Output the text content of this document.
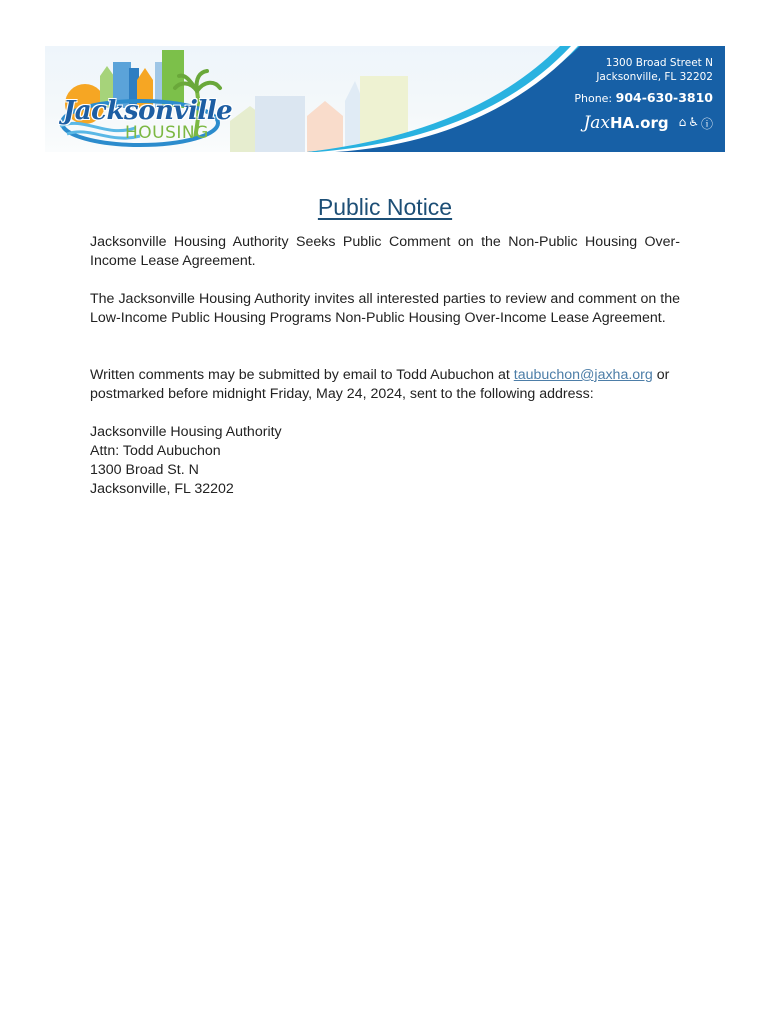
Jacksonville
HOUSING
1300 Broad Street N
Jacksonville, FL 32202
Phone: 904-630-3810
JaxHA.org ⌂ ♿ ⓘ
Public Notice
Jacksonville Housing Authority Seeks Public Comment on the Non-Public Housing Over-Income Lease Agreement.
The Jacksonville Housing Authority invites all interested parties to review and comment on the Low-Income Public Housing Programs Non-Public Housing Over-Income Lease Agreement.
Written comments may be submitted by email to Todd Aubuchon at taubuchon@jaxha.org or postmarked before midnight Friday, May 24, 2024, sent to the following address:
Jacksonville Housing Authority
Attn: Todd Aubuchon
1300 Broad St. N
Jacksonville, FL 32202
